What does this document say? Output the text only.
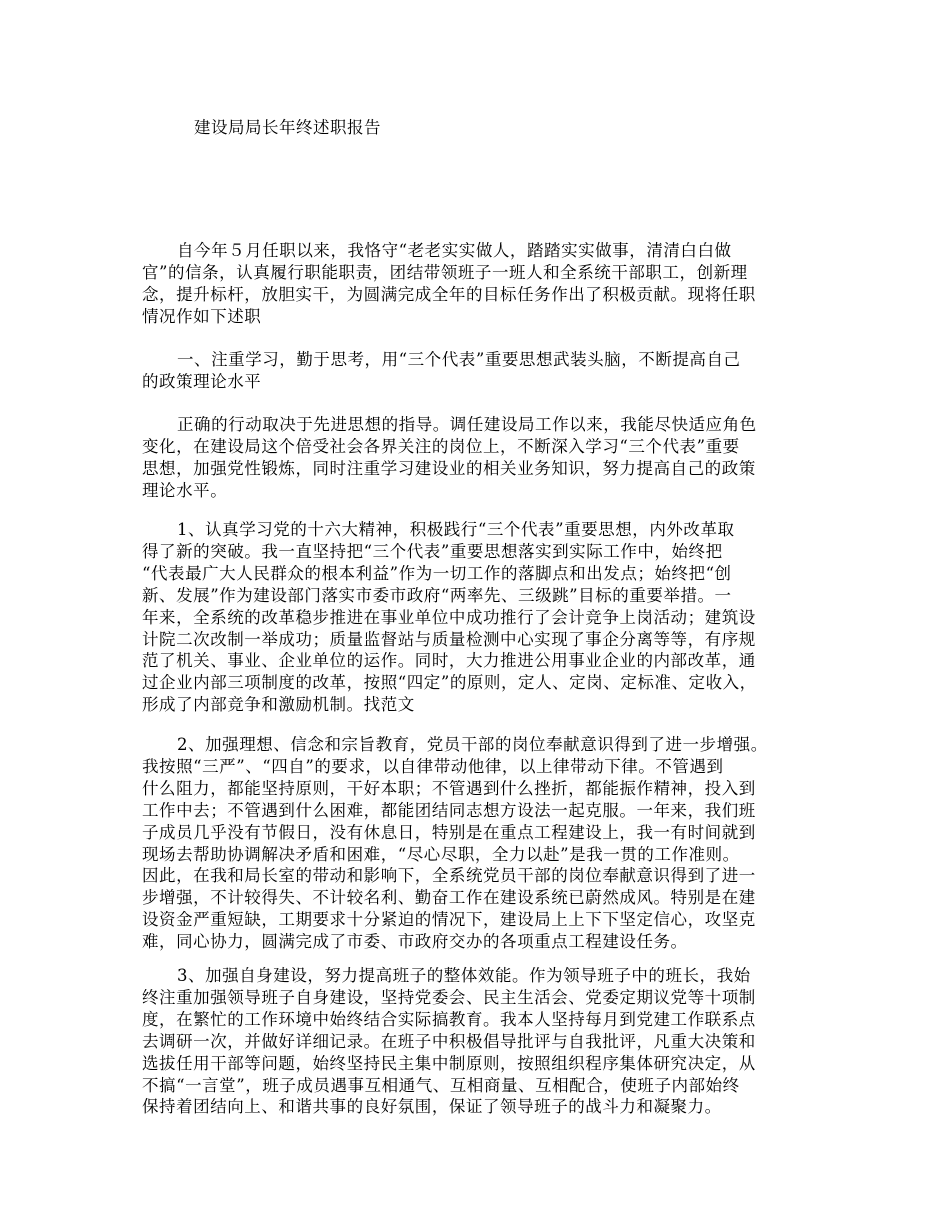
建设局局长年终述职报告

自今年５月任职以来，我恪守“老老实实做人，踏踏实实做事，清清白白做
官”的信条，认真履行职能职责，团结带领班子一班人和全系统干部职工，创新理
念，提升标杆，放胆实干，为圆满完成全年的目标任务作出了积极贡献。现将任职
情况作如下述职

一、注重学习，勤于思考，用“三个代表”重要思想武装头脑，不断提高自己
的政策理论水平

正确的行动取决于先进思想的指导。调任建设局工作以来，我能尽快适应角色
变化，在建设局这个倍受社会各界关注的岗位上，不断深入学习“三个代表”重要
思想，加强党性锻炼，同时注重学习建设业的相关业务知识，努力提高自己的政策
理论水平。

1、认真学习党的十六大精神，积极践行“三个代表”重要思想，内外改革取
得了新的突破。我一直坚持把“三个代表”重要思想落实到实际工作中，始终把
“代表最广大人民群众的根本利益”作为一切工作的落脚点和出发点；始终把“创
新、发展”作为建设部门落实市委市政府“两率先、三级跳”目标的重要举措。一
年来，全系统的改革稳步推进在事业单位中成功推行了会计竞争上岗活动；建筑设
计院二次改制一举成功；质量监督站与质量检测中心实现了事企分离等等，有序规
范了机关、事业、企业单位的运作。同时，大力推进公用事业企业的内部改革，通
过企业内部三项制度的改革，按照“四定”的原则，定人、定岗、定标准、定收入，
形成了内部竞争和激励机制。找范文

2、加强理想、信念和宗旨教育，党员干部的岗位奉献意识得到了进一步增强。
我按照“三严”、“四自”的要求，以自律带动他律，以上律带动下律。不管遇到
什么阻力，都能坚持原则，干好本职；不管遇到什么挫折，都能振作精神，投入到
工作中去；不管遇到什么困难，都能团结同志想方设法一起克服。一年来，我们班
子成员几乎没有节假日，没有休息日，特别是在重点工程建设上，我一有时间就到
现场去帮助协调解决矛盾和困难，“尽心尽职，全力以赴”是我一贯的工作准则。
因此，在我和局长室的带动和影响下，全系统党员干部的岗位奉献意识得到了进一
步增强，不计较得失、不计较名利、勤奋工作在建设系统已蔚然成风。特别是在建
设资金严重短缺，工期要求十分紧迫的情况下，建设局上上下下坚定信心，攻坚克
难，同心协力，圆满完成了市委、市政府交办的各项重点工程建设任务。

3、加强自身建设，努力提高班子的整体效能。作为领导班子中的班长，我始
终注重加强领导班子自身建设，坚持党委会、民主生活会、党委定期议党等十项制
度，在繁忙的工作环境中始终结合实际搞教育。我本人坚持每月到党建工作联系点
去调研一次，并做好详细记录。在班子中积极倡导批评与自我批评，凡重大决策和
选拔任用干部等问题，始终坚持民主集中制原则，按照组织程序集体研究决定，从
不搞“一言堂”，班子成员遇事互相通气、互相商量、互相配合，使班子内部始终
保持着团结向上、和谐共事的良好氛围，保证了领导班子的战斗力和凝聚力。
